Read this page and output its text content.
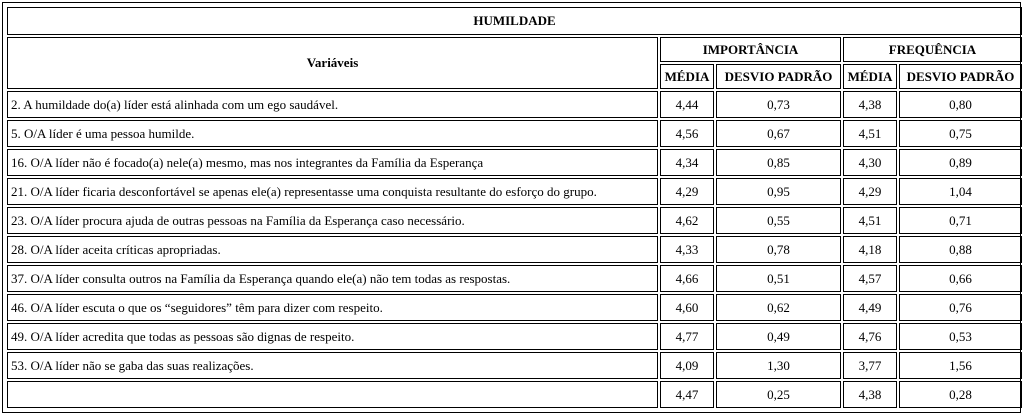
HUMILDADE				
Variáveis	IMPORTÂNCIA		FREQUÊNCIA	
	MÉDIA	DESVIO PADRÃO	MÉDIA	DESVIO PADRÃO
2. A humildade do(a) líder está alinhada com um ego saudável.	4,44	0,73	4,38	0,80
5. O/A líder é uma pessoa humilde.	4,56	0,67	4,51	0,75
16. O/A líder não é focado(a) nele(a) mesmo, mas nos integrantes da Família da Esperança	4,34	0,85	4,30	0,89
21. O/A líder ficaria desconfortável se apenas ele(a) representasse uma conquista resultante do esforço do grupo.	4,29	0,95	4,29	1,04
23. O/A líder procura ajuda de outras pessoas na Família da Esperança caso necessário.	4,62	0,55	4,51	0,71
28. O/A líder aceita críticas apropriadas.	4,33	0,78	4,18	0,88
37. O/A líder consulta outros na Família da Esperança quando ele(a) não tem todas as respostas.	4,66	0,51	4,57	0,66
46. O/A líder escuta o que os “seguidores” têm para dizer com respeito.	4,60	0,62	4,49	0,76
49. O/A líder acredita que todas as pessoas são dignas de respeito.	4,77	0,49	4,76	0,53
53. O/A líder não se gaba das suas realizações.	4,09	1,30	3,77	1,56
	4,47	0,25	4,38	0,28
